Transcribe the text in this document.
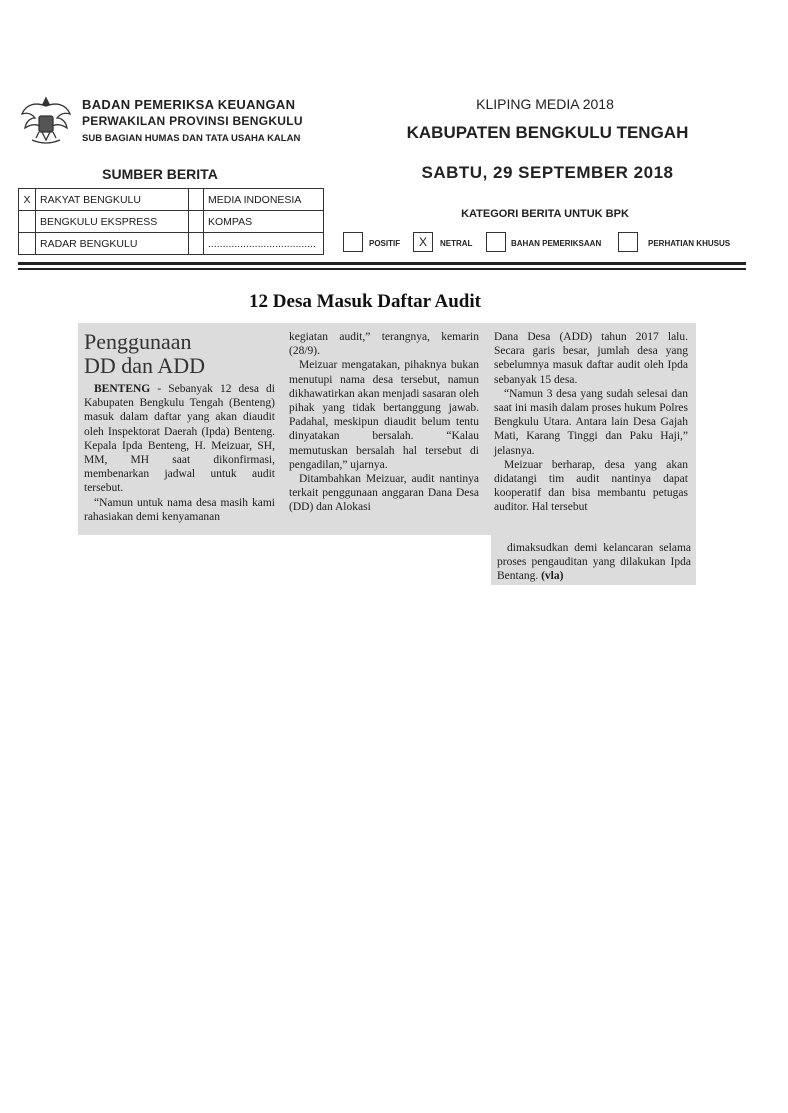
BADAN PEMERIKSA KEUANGAN
PERWAKILAN PROVINSI BENGKULU
SUB BAGIAN HUMAS DAN TATA USAHA KALAN
KLIPING MEDIA 2018
KABUPATEN BENGKULU TENGAH
SABTU, 29 SEPTEMBER 2018
SUMBER BERITA
X	RAKYAT BENGKULU		MEDIA INDONESIA
	BENGKULU EKSPRESS		KOMPAS
	RADAR BENGKULU		.....................................
KATEGORI BERITA UNTUK BPK
POSITIF	X	NETRAL	BAHAN PEMERIKSAAN	PERHATIAN KHUSUS
12 Desa Masuk Daftar Audit
Penggunaan
DD dan ADD

BENTENG - Sebanyak 12 desa di Kabupaten Bengkulu Tengah (Benteng) masuk dalam daftar yang akan diaudit oleh Inspektorat Daerah (Ipda) Benteng. Kepala Ipda Benteng, H. Meizuar, SH, MM, MH saat dikonfirmasi, membenarkan jadwal untuk audit tersebut.

“Namun untuk nama desa masih kami rahasiakan demi kenyamanan

kegiatan audit,” terangnya, kemarin (28/9).

Meizuar mengatakan, pihaknya bukan menutupi nama desa tersebut, namun dikhawatirkan akan menjadi sasaran oleh pihak yang tidak bertanggung jawab. Padahal, meskipun diaudit belum tentu dinyatakan bersalah. “Kalau memutuskan bersalah hal tersebut di pengadilan,” ujarnya.

Ditambahkan Meizuar, audit nantinya terkait penggunaan anggaran Dana Desa (DD) dan Alokasi

Dana Desa (ADD) tahun 2017 lalu. Secara garis besar, jumlah desa yang sebelumnya masuk daftar audit oleh Ipda sebanyak 15 desa.

“Namun 3 desa yang sudah selesai dan saat ini masih dalam proses hukum Polres Bengkulu Utara. Antara lain Desa Gajah Mati, Karang Tinggi dan Paku Haji,” jelasnya.

Meizuar berharap, desa yang akan didatangi tim audit nantinya dapat kooperatif dan bisa membantu petugas auditor. Hal tersebut

dimaksudkan demi kelancaran selama proses pengauditan yang dilakukan Ipda Bentang. (vla)
